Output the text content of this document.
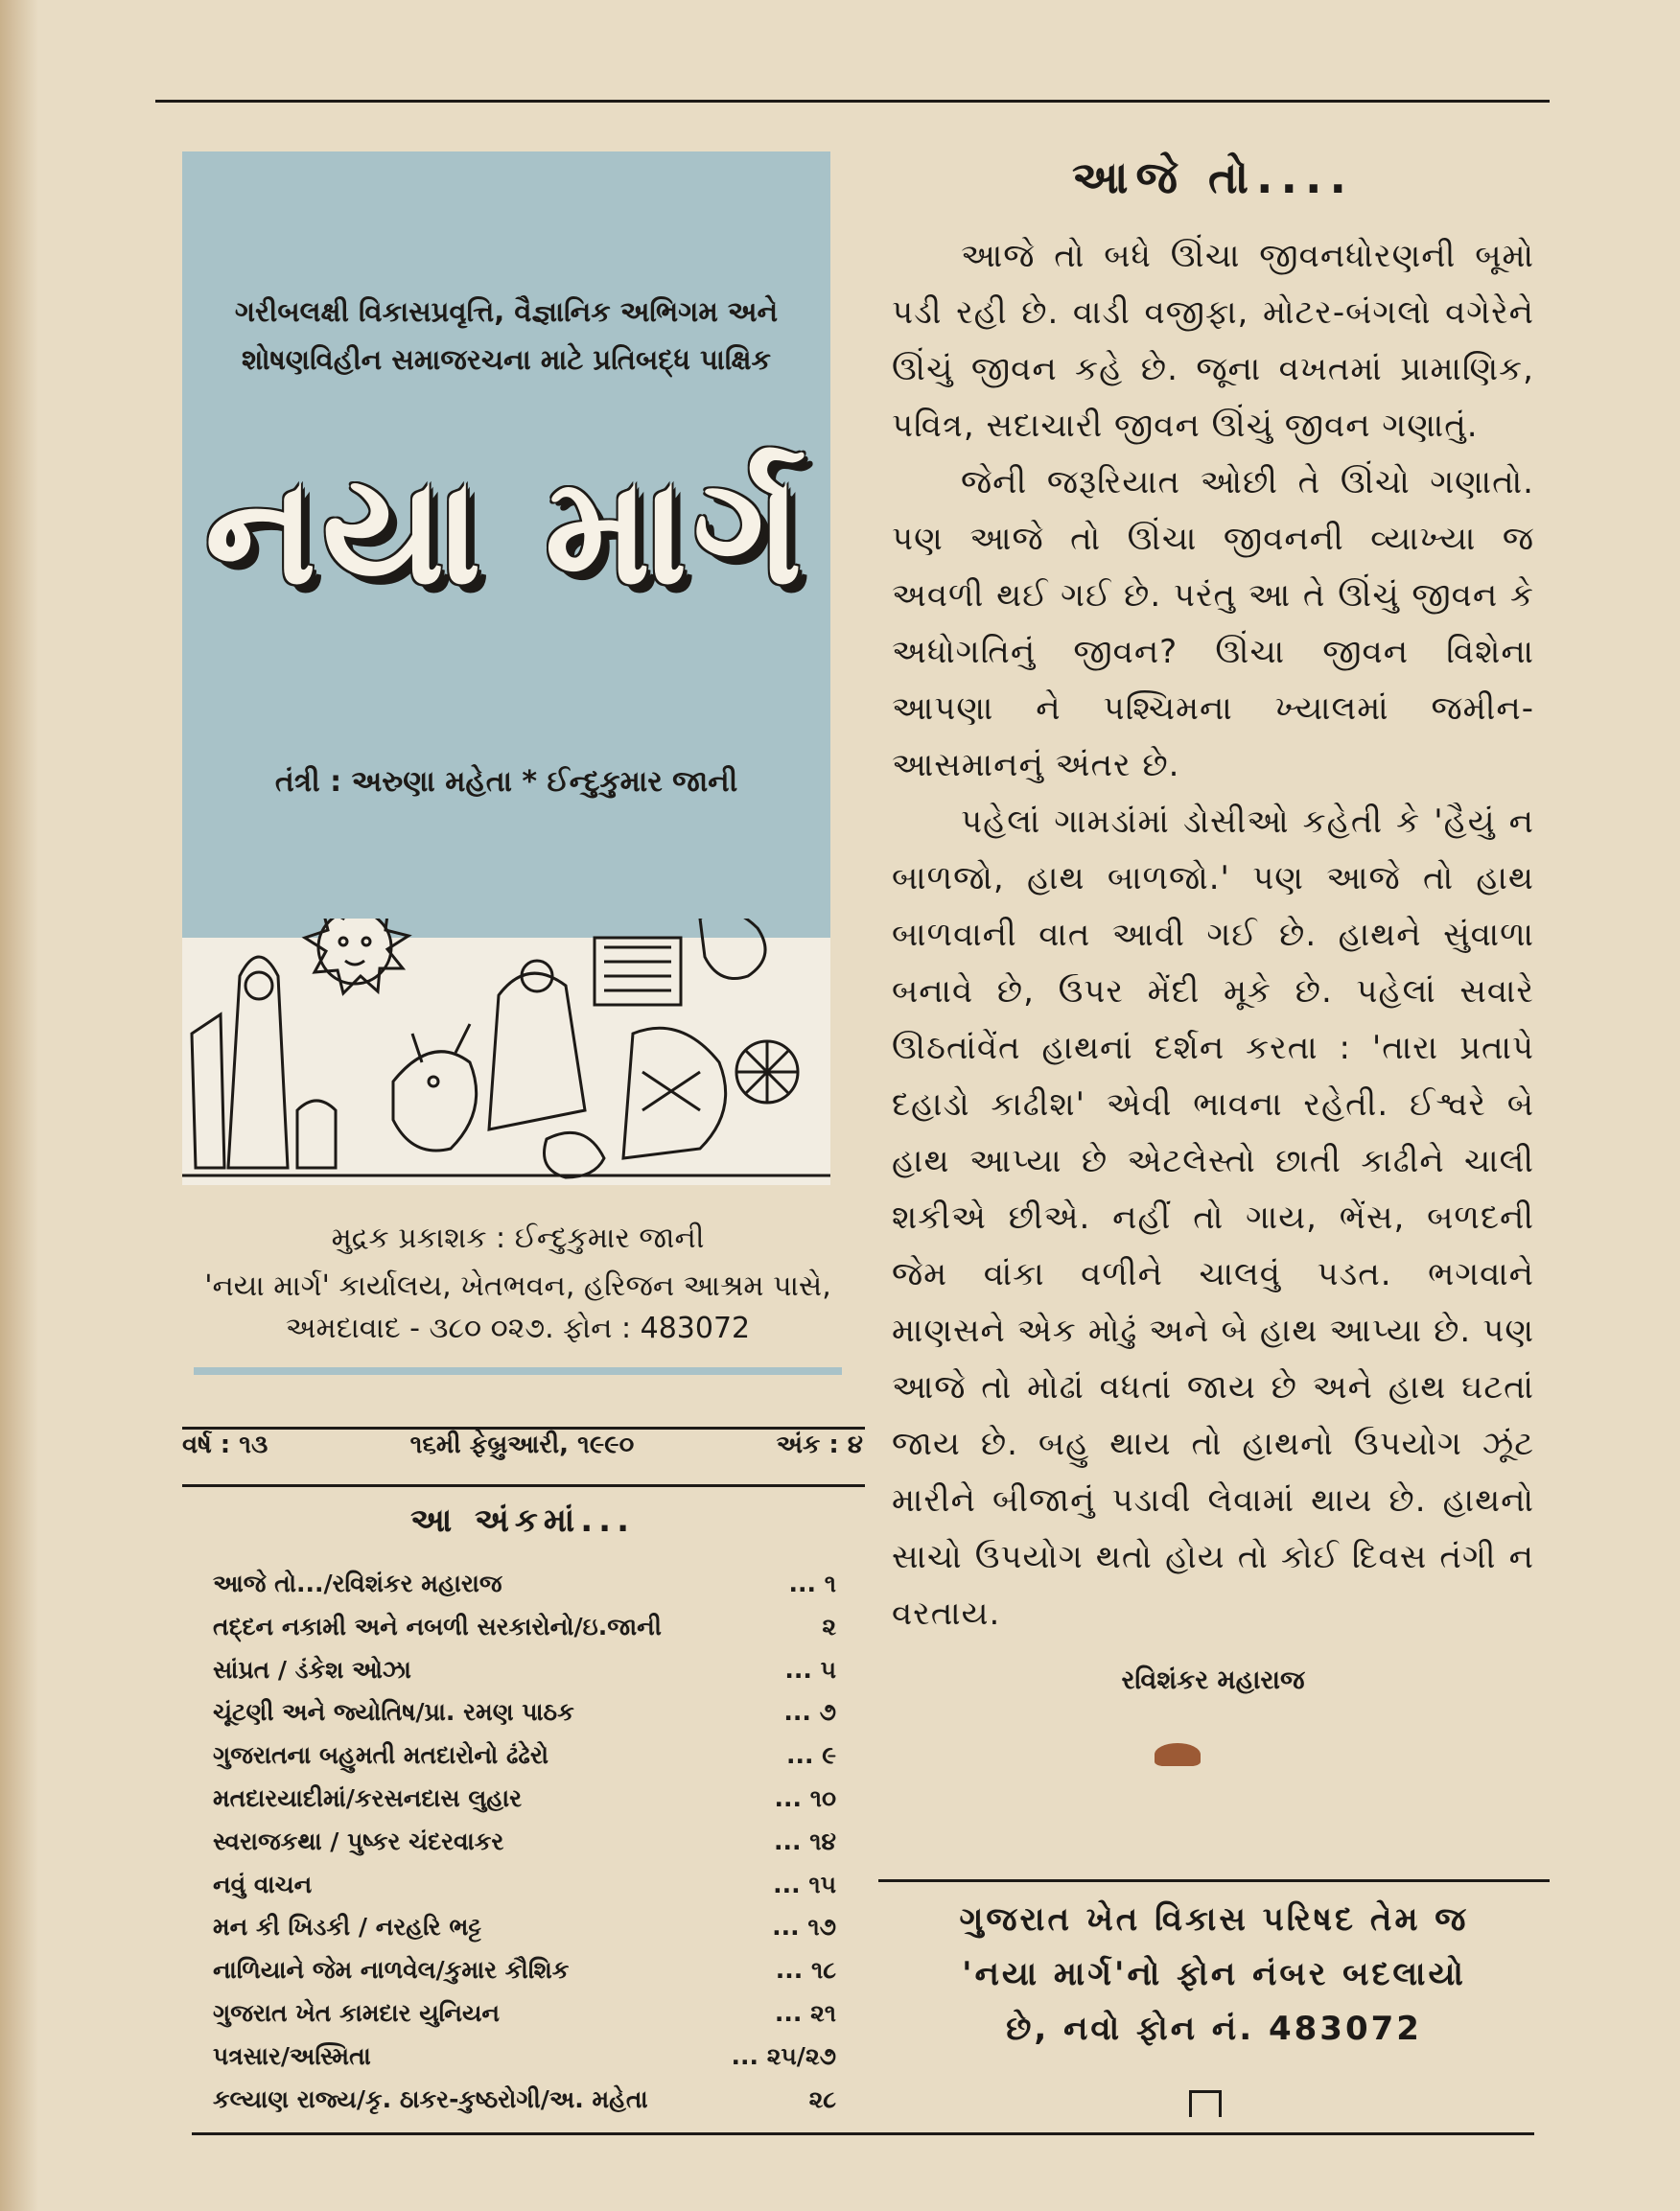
ગરીબલક્ષી વિકાસપ્રવૃત્તિ, વૈજ્ઞાનિક અભિગમ અને
શોષણવિહીન સમાજરચના માટે પ્રતિબદ્ધ પાક્ષિક
નયા માર્ગ
તંત્રી : અરુણા મહેતા * ઈન્દુકુમાર જાની
મુદ્રક પ્રકાશક : ઈન્દુકુમાર જાની
'નયા માર્ગ' કાર્યાલય, ખેતભવન, હરિજન આશ્રમ પાસે,
અમદાવાદ - ૩૮૦ ૦૨૭. ફોન : 483072
વર્ષ : ૧૩	૧૬મી ફેબ્રુઆરી, ૧૯૯૦	અંક : ૪
આ અંકમાં...
આજે તો.../રવિશંકર મહારાજ	... ૧
તદ્દન નકામી અને નબળી સરકારોનો/ઇ.જાની	૨
સાંપ્રત / ડંકેશ ઓઝા	... ૫
ચૂંટણી અને જ્યોતિષ/પ્રા. રમણ પાઠક	... ૭
ગુજરાતના બહુમતી મતદારોનો ઢંઢેરો	... ૯
મતદારયાદીમાં/કરસનદાસ લુહાર	... ૧૦
સ્વરાજકથા / પુષ્કર ચંદરવાકર	... ૧૪
નવું વાચન	... ૧૫
મન કી ખિડકી / નરહરિ ભટ્ટ	... ૧૭
નાળિયાને જેમ નાળવેલ/કુમાર કૌશિક	... ૧૮
ગુજરાત ખેત કામદાર યુનિયન	... ૨૧
પત્રસાર/અસ્મિતા	... ૨૫/૨૭
કલ્યાણ રાજ્ય/કૃ. ઠાકર-કુષ્ઠરોગી/અ. મહેતા	૨૮
આજે તો....

આજે તો બધે ઊંચા જીવનધોરણની બૂમો પડી રહી છે. વાડી વજીફા, મોટર-બંગલો વગેરેને ઊંચું જીવન કહે છે. જૂના વખતમાં પ્રામાણિક, પવિત્ર, સદાચારી જીવન ઊંચું જીવન ગણાતું.

જેની જરૂરિયાત ઓછી તે ઊંચો ગણાતો. પણ આજે તો ઊંચા જીવનની વ્યાખ્યા જ અવળી થઈ ગઈ છે. પરંતુ આ તે ઊંચું જીવન કે અધોગતિનું જીવન? ઊંચા જીવન વિશેના આપણા ને પશ્ચિમના ખ્યાલમાં જમીન-આસમાનનું અંતર છે.

પહેલાં ગામડાંમાં ડોસીઓ કહેતી કે 'હૈયું ન બાળજો, હાથ બાળજો.' પણ આજે તો હાથ બાળવાની વાત આવી ગઈ છે. હાથને સુંવાળા બનાવે છે, ઉપર મેંદી મૂકે છે. પહેલાં સવારે ઊઠતાંવેંત હાથનાં દર્શન કરતા : 'તારા પ્રતાપે દહાડો કાઢીશ' એવી ભાવના રહેતી. ઈશ્વરે બે હાથ આપ્યા છે એટલેસ્તો છાતી કાઢીને ચાલી શકીએ છીએ. નહીં તો ગાય, ભેંસ, બળદની જેમ વાંકા વળીને ચાલવું પડત. ભગવાને માણસને એક મોઢું અને બે હાથ આપ્યા છે. પણ આજે તો મોઢાં વધતાં જાય છે અને હાથ ઘટતાં જાય છે. બહુ થાય તો હાથનો ઉપયોગ ઝૂંટ મારીને બીજાનું પડાવી લેવામાં થાય છે. હાથનો સાચો ઉપયોગ થતો હોય તો કોઈ દિવસ તંગી ન વરતાય.

રવિશંકર મહારાજ
ગુજરાત ખેત વિકાસ પરિષદ તેમ જ
'નયા માર્ગ'નો ફોન નંબર બદલાયો
છે, નવો ફોન નં. 483072
